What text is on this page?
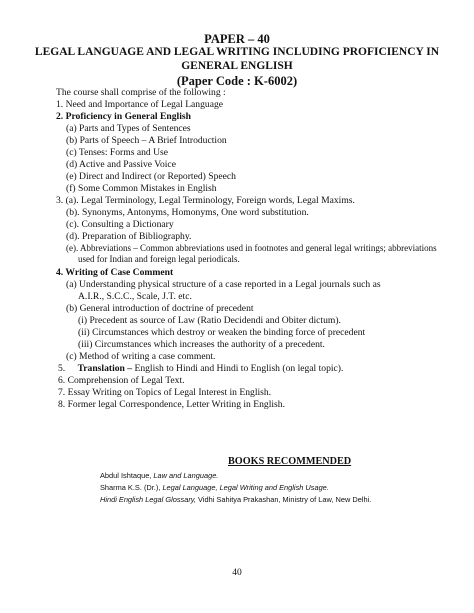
PAPER – 40
LEGAL LANGUAGE AND LEGAL WRITING INCLUDING PROFICIENCY IN
GENERAL ENGLISH
(Paper Code : K-6002)
The course shall comprise of the following :
1. Need and Importance of Legal Language
2. Proficiency in General English
(a) Parts and Types of Sentences
(b) Parts of Speech – A Brief Introduction
(c) Tenses: Forms and Use
(d) Active and Passive Voice
(e) Direct and Indirect (or Reported) Speech
(f) Some Common Mistakes in English
3. (a). Legal Terminology, Legal Terminology, Foreign words, Legal Maxims.
(b). Synonyms, Antonyms, Homonyms, One word substitution.
(c). Consulting a Dictionary
(d). Preparation of Bibliography.
(e). Abbreviations – Common abbreviations used in footnotes and general legal writings; abbreviations
used for Indian and foreign legal periodicals.
4. Writing of Case Comment
(a) Understanding physical structure of a case reported in a Legal journals such as
A.I.R., S.C.C., Scale, J.T. etc.
(b) General introduction of doctrine of precedent
(i) Precedent as source of Law (Ratio Decidendi and Obiter dictum).
(ii) Circumstances which destroy or weaken the binding force of precedent
(iii) Circumstances which increases the authority of a precedent.
(c) Method of writing a case comment.
5. Translation – English to Hindi and Hindi to English (on legal topic).
6. Comprehension of Legal Text.
7. Essay Writing on Topics of Legal Interest in English.
8. Former legal Correspondence, Letter Writing in English.
BOOKS RECOMMENDED
Abdul Ishtaque, Law and Language.
Sharma K.S. (Dr.), Legal Language, Legal Writing and English Usage.
Hindi English Legal Glossary, Vidhi Sahitya Prakashan, Ministry of Law, New Delhi.
40
